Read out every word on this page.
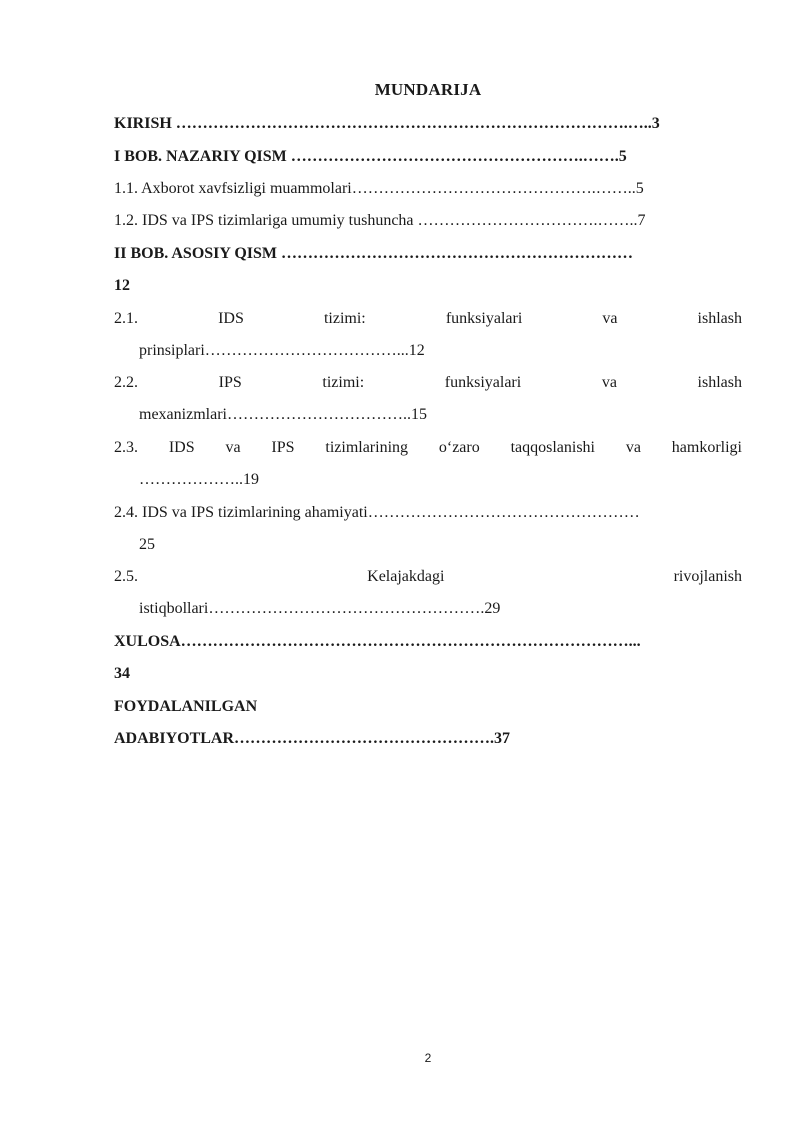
MUNDARIJA
KIRISH ………………………………………………………………………….…..3
I BOB. NAZARIY QISM ……………………………………………….…….5
1.1. Axborot xavfsizligi muammolari……………………………………….……..5
1.2. IDS va IPS tizimlariga umumiy tushuncha …………………………….……..7
II BOB. ASOSIY QISM …………………………………………………………
12
2.1. IDS tizimi: funksiyalari va ishlash
prinsiplari………………………………...12
2.2. IPS tizimi: funksiyalari va ishlash
mexanizmlari……………………………..15
2.3. IDS va IPS tizimlarining o‘zaro taqqoslanishi va hamkorligi
………………..19
2.4. IDS va IPS tizimlarining ahamiyati……………………………………………
25
2.5. Kelajakdagi rivojlanish
istiqbollari…………………………………………….29
XULOSA…………………………………………………………………………...
34
FOYDALANILGAN
ADABIYOTLAR………………………………………….37
2
